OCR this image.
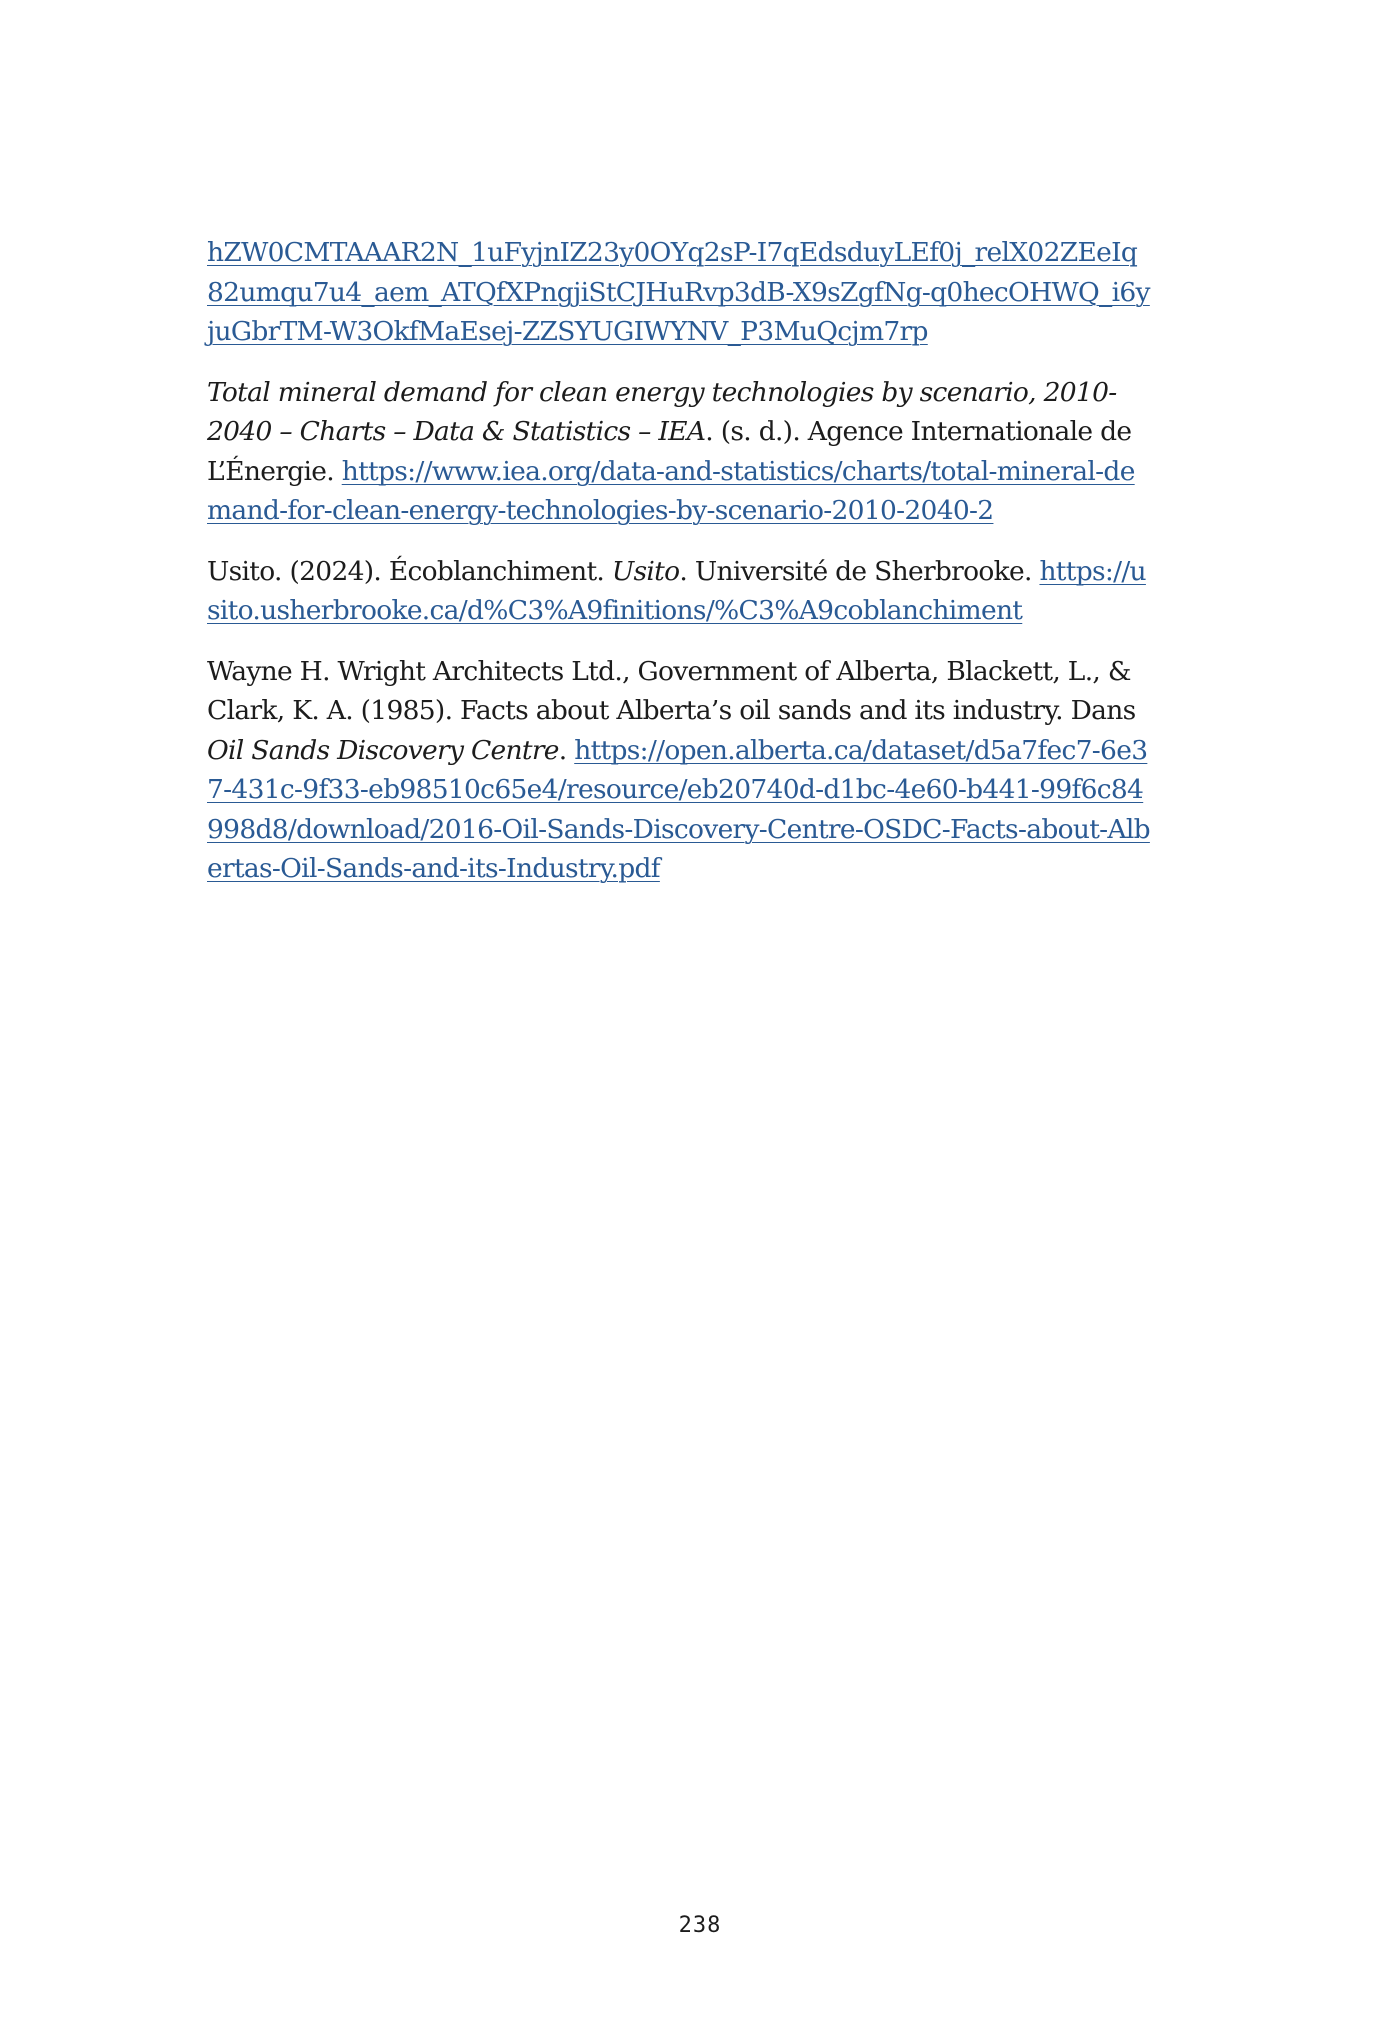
hZW0CMTAAAR2N_1uFyjnIZ23y0OYq2sP-I7qEdsduyLEf0j_relX02ZEeIq82umqu7u4_aem_ATQfXPngjiStCJHuRvp3dB-X9sZgfNg-q0hecOHWQ_i6yjuGbrTM-W3OkfMaEsej-ZZSYUGIWYNV_P3MuQcjm7rp

Total mineral demand for clean energy technologies by scenario, 2010-2040 – Charts – Data & Statistics – IEA. (s. d.). Agence Internationale de L’Énergie. https://www.iea.org/data-and-statistics/charts/total-mineral-demand-for-clean-energy-technologies-by-scenario-2010-2040-2

Usito. (2024). Écoblanchiment. Usito. Université de Sherbrooke. https://usito.usherbrooke.ca/d%C3%A9finitions/%C3%A9coblanchiment

Wayne H. Wright Architects Ltd., Government of Alberta, Blackett, L., & Clark, K. A. (1985). Facts about Alberta’s oil sands and its industry. Dans Oil Sands Discovery Centre. https://open.alberta.ca/dataset/d5a7fec7-6e37-431c-9f33-eb98510c65e4/resource/eb20740d-d1bc-4e60-b441-99f6c84998d8/download/2016-Oil-Sands-Discovery-Centre-OSDC-Facts-about-Albertas-Oil-Sands-and-its-Industry.pdf

238
